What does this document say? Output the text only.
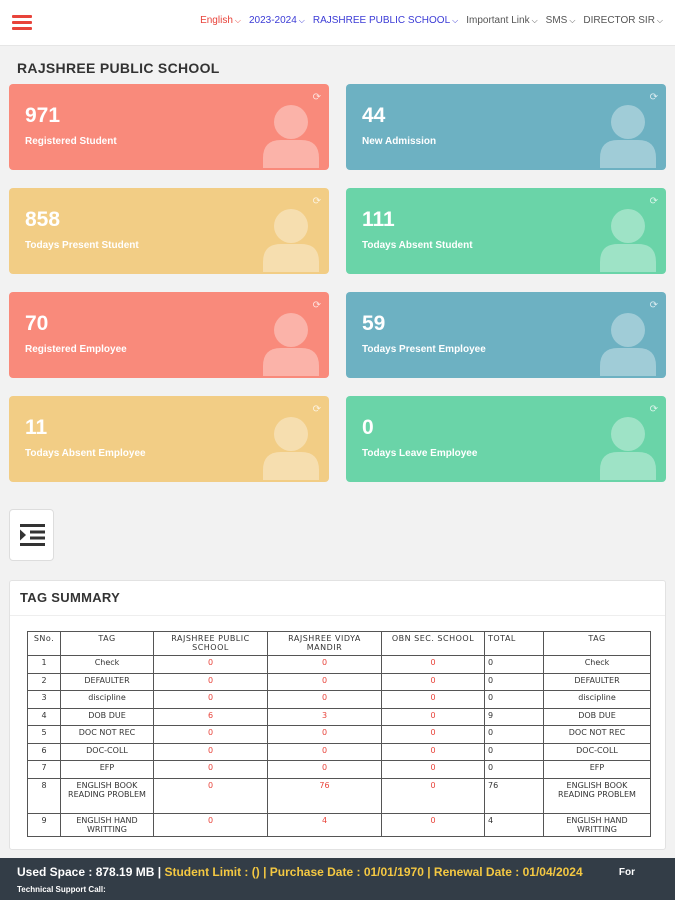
English ⌵ 2023-2024 ⌵ RAJSHREE PUBLIC SCHOOL ⌵ Important Link ⌵ SMS ⌵ DIRECTOR SIR ⌵
RAJSHREE PUBLIC SCHOOL
971
Registered Student
⟳
44
New Admission
⟳
858
Todays Present Student
⟳
111
Todays Absent Student
⟳
70
Registered Employee
⟳
59
Todays Present Employee
⟳
11
Todays Absent Employee
⟳
0
Todays Leave Employee
⟳
TAG SUMMARY
SNo.	TAG	RAJSHREE PUBLIC SCHOOL	RAJSHREE VIDYA MANDIR	OBN SEC. SCHOOL	TOTAL	TAG
1	Check	0	0	0	0	Check
2	DEFAULTER	0	0	0	0	DEFAULTER
3	discipline	0	0	0	0	discipline
4	DOB DUE	6	3	0	9	DOB DUE
5	DOC NOT REC	0	0	0	0	DOC NOT REC
6	DOC-COLL	0	0	0	0	DOC-COLL
7	EFP	0	0	0	0	EFP
8	ENGLISH BOOK READING PROBLEM	0	76	0	76	ENGLISH BOOK READING PROBLEM
9	ENGLISH HAND WRITTING	0	4	0	4	ENGLISH HAND WRITTING
Used Space : 878.19 MB | Student Limit : () | Purchase Date : 01/01/1970 | Renewal Date : 01/04/2024	For
Technical Support Call:
